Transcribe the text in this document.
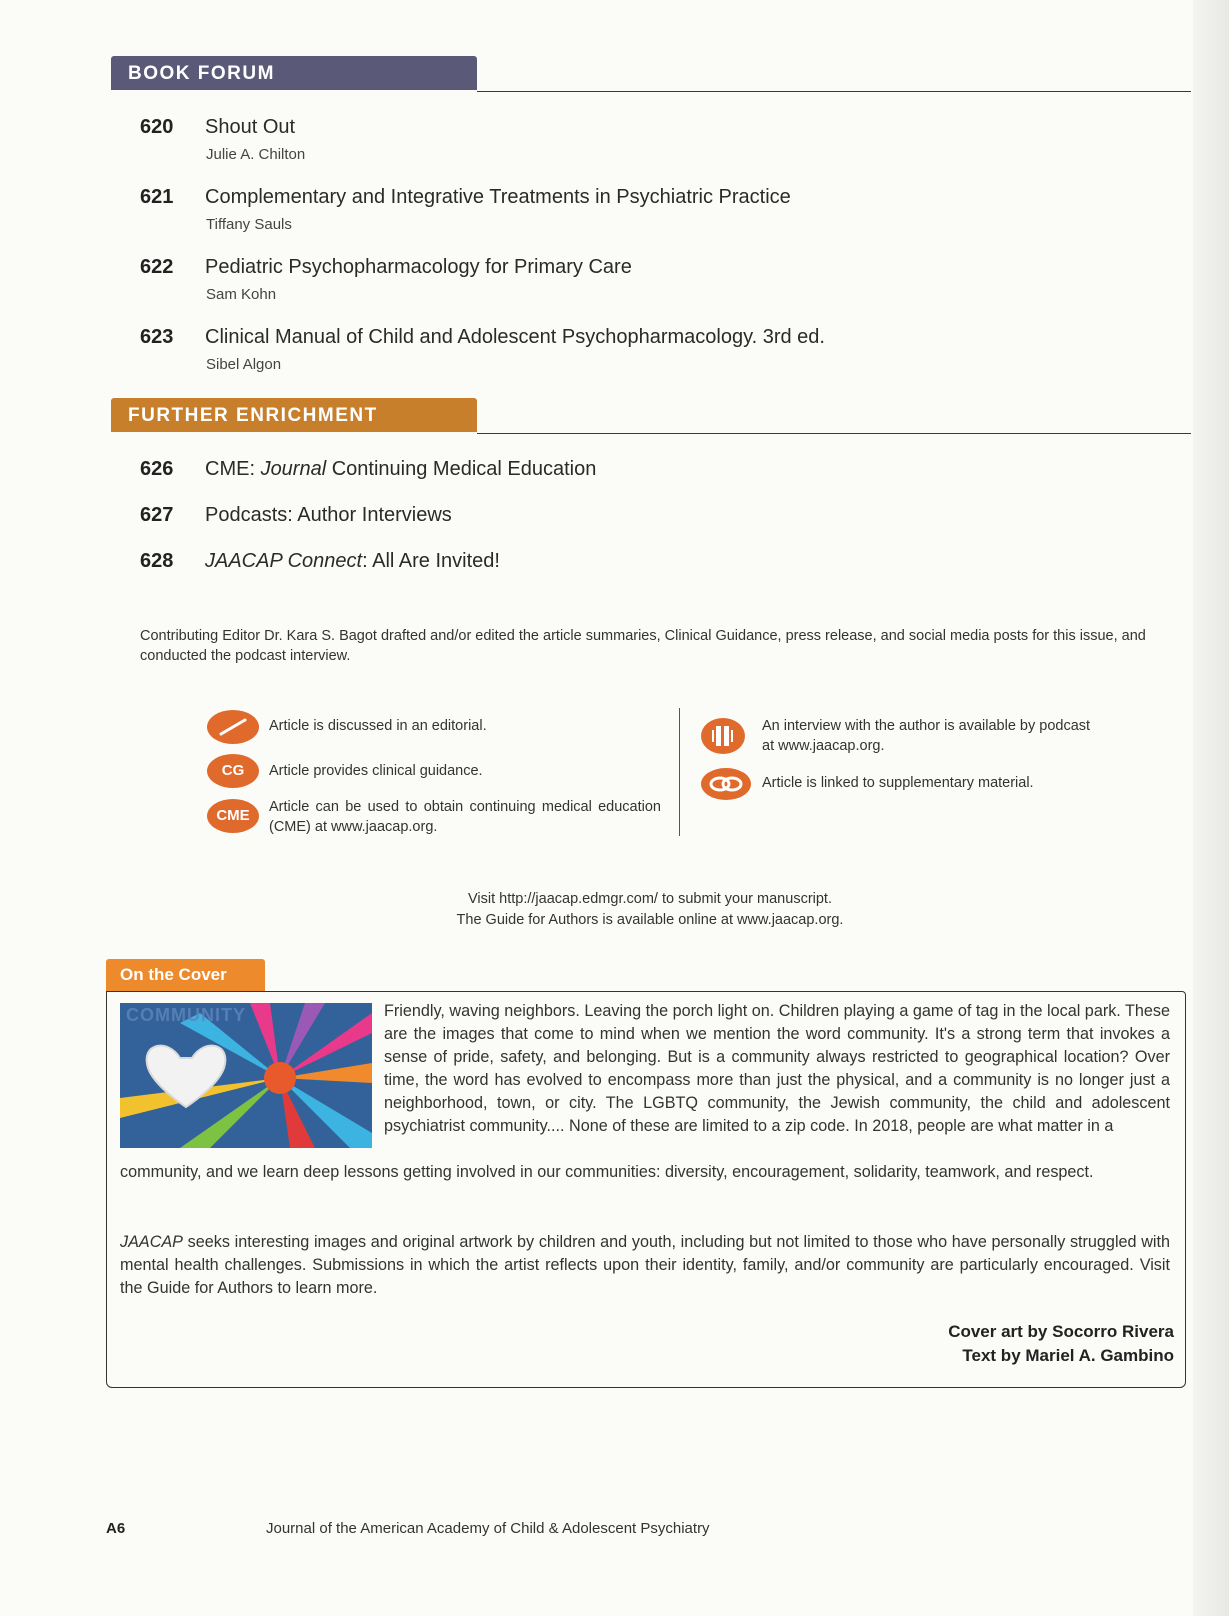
BOOK FORUM
620 Shout Out
Julie A. Chilton
621 Complementary and Integrative Treatments in Psychiatric Practice
Tiffany Sauls
622 Pediatric Psychopharmacology for Primary Care
Sam Kohn
623 Clinical Manual of Child and Adolescent Psychopharmacology. 3rd ed.
Sibel Algon
FURTHER ENRICHMENT
626 CME: Journal Continuing Medical Education
627 Podcasts: Author Interviews
628 JAACAP Connect: All Are Invited!
Contributing Editor Dr. Kara S. Bagot drafted and/or edited the article summaries, Clinical Guidance, press release, and social media posts for this issue, and conducted the podcast interview.
Article is discussed in an editorial.
CG	Article provides clinical guidance.
CME	Article can be used to obtain continuing medical education (CME) at www.jaacap.org.
An interview with the author is available by podcast at www.jaacap.org.
Article is linked to supplementary material.
Visit http://jaacap.edmgr.com/ to submit your manuscript.
The Guide for Authors is available online at www.jaacap.org.
On the Cover
COMMUNITY	Friendly, waving neighbors. Leaving the porch light on. Children playing a game of tag in the local park. These are the images that come to mind when we mention the word community. It's a strong term that invokes a sense of pride, safety, and belonging. But is a community always restricted to geographical location? Over time, the word has evolved to encompass more than just the physical, and a community is no longer just a neighborhood, town, or city. The LGBTQ community, the Jewish community, the child and adolescent psychiatrist community.... None of these are limited to a zip code. In 2018, people are what matter in a
community, and we learn deep lessons getting involved in our communities: diversity, encouragement, solidarity, teamwork, and respect.
JAACAP seeks interesting images and original artwork by children and youth, including but not limited to those who have personally struggled with mental health challenges. Submissions in which the artist reflects upon their identity, family, and/or community are particularly encouraged. Visit the Guide for Authors to learn more.
Cover art by Socorro Rivera
Text by Mariel A. Gambino
A6	Journal of the American Academy of Child & Adolescent Psychiatry
